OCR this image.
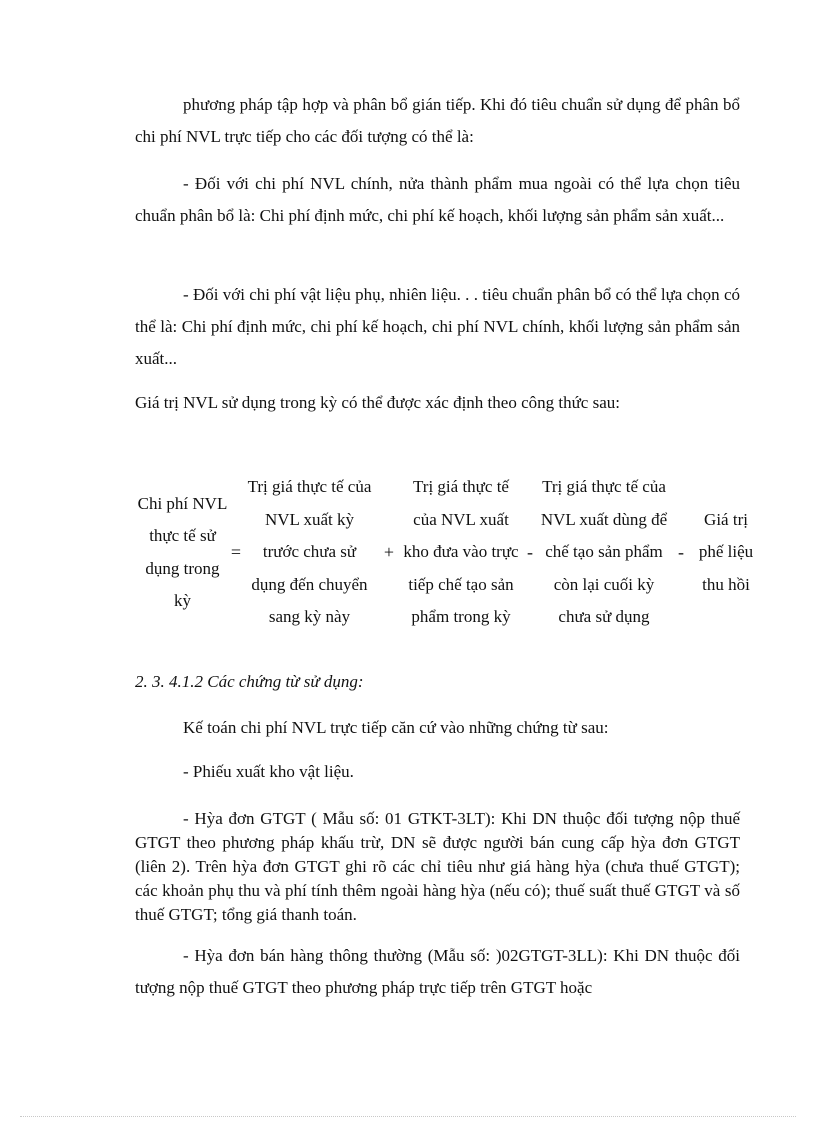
phương pháp tập hợp và phân bổ gián tiếp. Khi đó tiêu chuẩn sử dụng để phân bổ chi phí NVL trực tiếp cho các đối tượng có thể là:

- Đối với chi phí NVL chính, nửa thành phẩm mua ngoài có thể lựa chọn tiêu chuẩn phân bổ là: Chi phí định mức, chi phí kế hoạch, khối lượng sản phẩm sản xuất...

- Đối với chi phí vật liệu phụ, nhiên liệu. . . tiêu chuẩn phân bổ có thể lựa chọn có thể là: Chi phí định mức, chi phí kế hoạch, chi phí NVL chính, khối lượng sản phẩm sản xuất...

Giá trị NVL sử dụng trong kỳ có thể được xác định theo công thức sau:

Chi phí NVL thực tế sử dụng trong kỳ
=
Trị giá thực tế của NVL xuất kỳ trước chưa sử dụng đến chuyển sang kỳ này
+
Trị giá thực tế của NVL xuất kho đưa vào trực tiếp chế tạo sản phẩm trong kỳ
-
Trị giá thực tế của NVL xuất dùng để chế tạo sản phẩm còn lại cuối kỳ chưa sử dụng
-
Giá trị phế liệu thu hồi

2. 3. 4.1.2 Các chứng từ sử dụng:

Kế toán chi phí NVL trực tiếp căn cứ vào những chứng từ sau:

- Phiếu xuất kho vật liệu.

- Hỳa đơn GTGT ( Mẫu số: 01 GTKT-3LT): Khi DN thuộc đối tượng nộp thuế GTGT theo phương pháp khấu trừ, DN sẽ được người bán cung cấp hỳa đơn GTGT (liên 2). Trên hỳa đơn GTGT ghi rõ các chỉ tiêu như giá hàng hỳa (chưa thuế GTGT); các khoản phụ thu và phí tính thêm ngoài hàng hỳa (nếu có); thuế suất thuế GTGT và số thuế GTGT; tổng giá thanh toán.

- Hỳa đơn bán hàng thông thường (Mẫu số: )02GTGT-3LL): Khi DN thuộc đối tượng nộp thuế GTGT theo phương pháp trực tiếp trên GTGT hoặc
